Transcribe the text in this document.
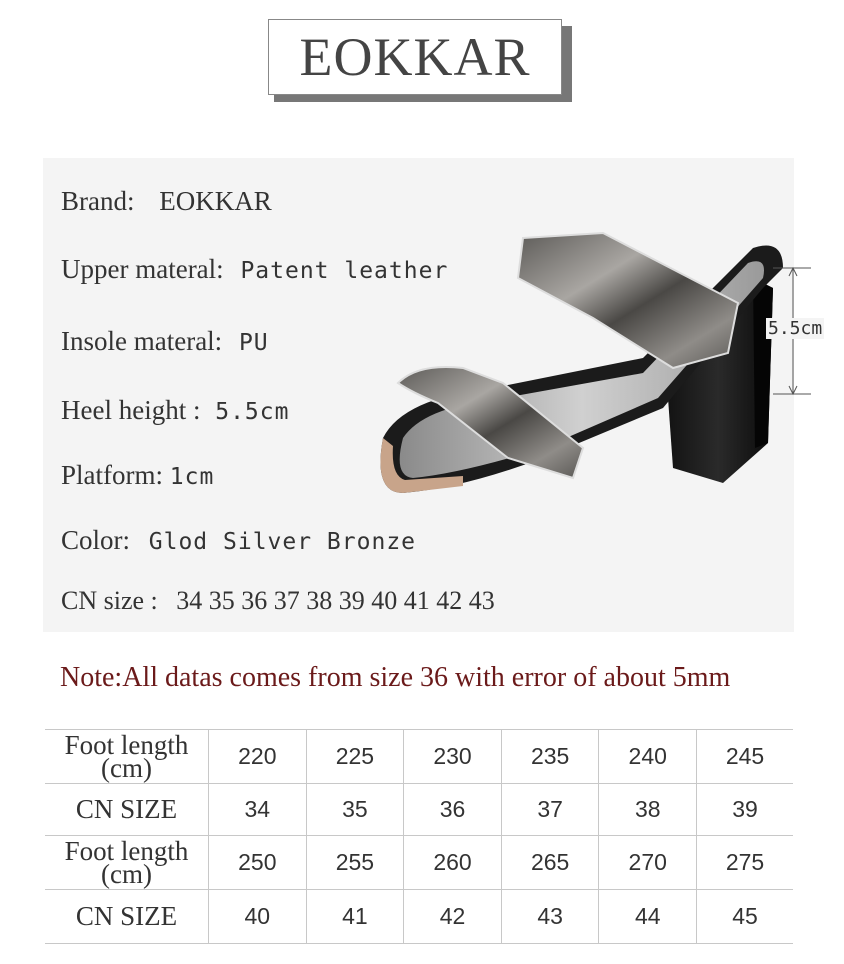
EOKKAR
Brand: EOKKAR
Upper materal: Patent leather
Insole materal: PU
Heel height : 5.5cm
Platform: 1cm
Color: Glod Silver Bronze
CN size : 34 35 36 37 38 39 40 41 42 43
5.5cm
Note:All datas comes from size 36 with error of about 5mm
Foot length (cm)	220	225	230	235	240	245
CN SIZE	34	35	36	37	38	39
Foot length (cm)	250	255	260	265	270	275
CN SIZE	40	41	42	43	44	45
